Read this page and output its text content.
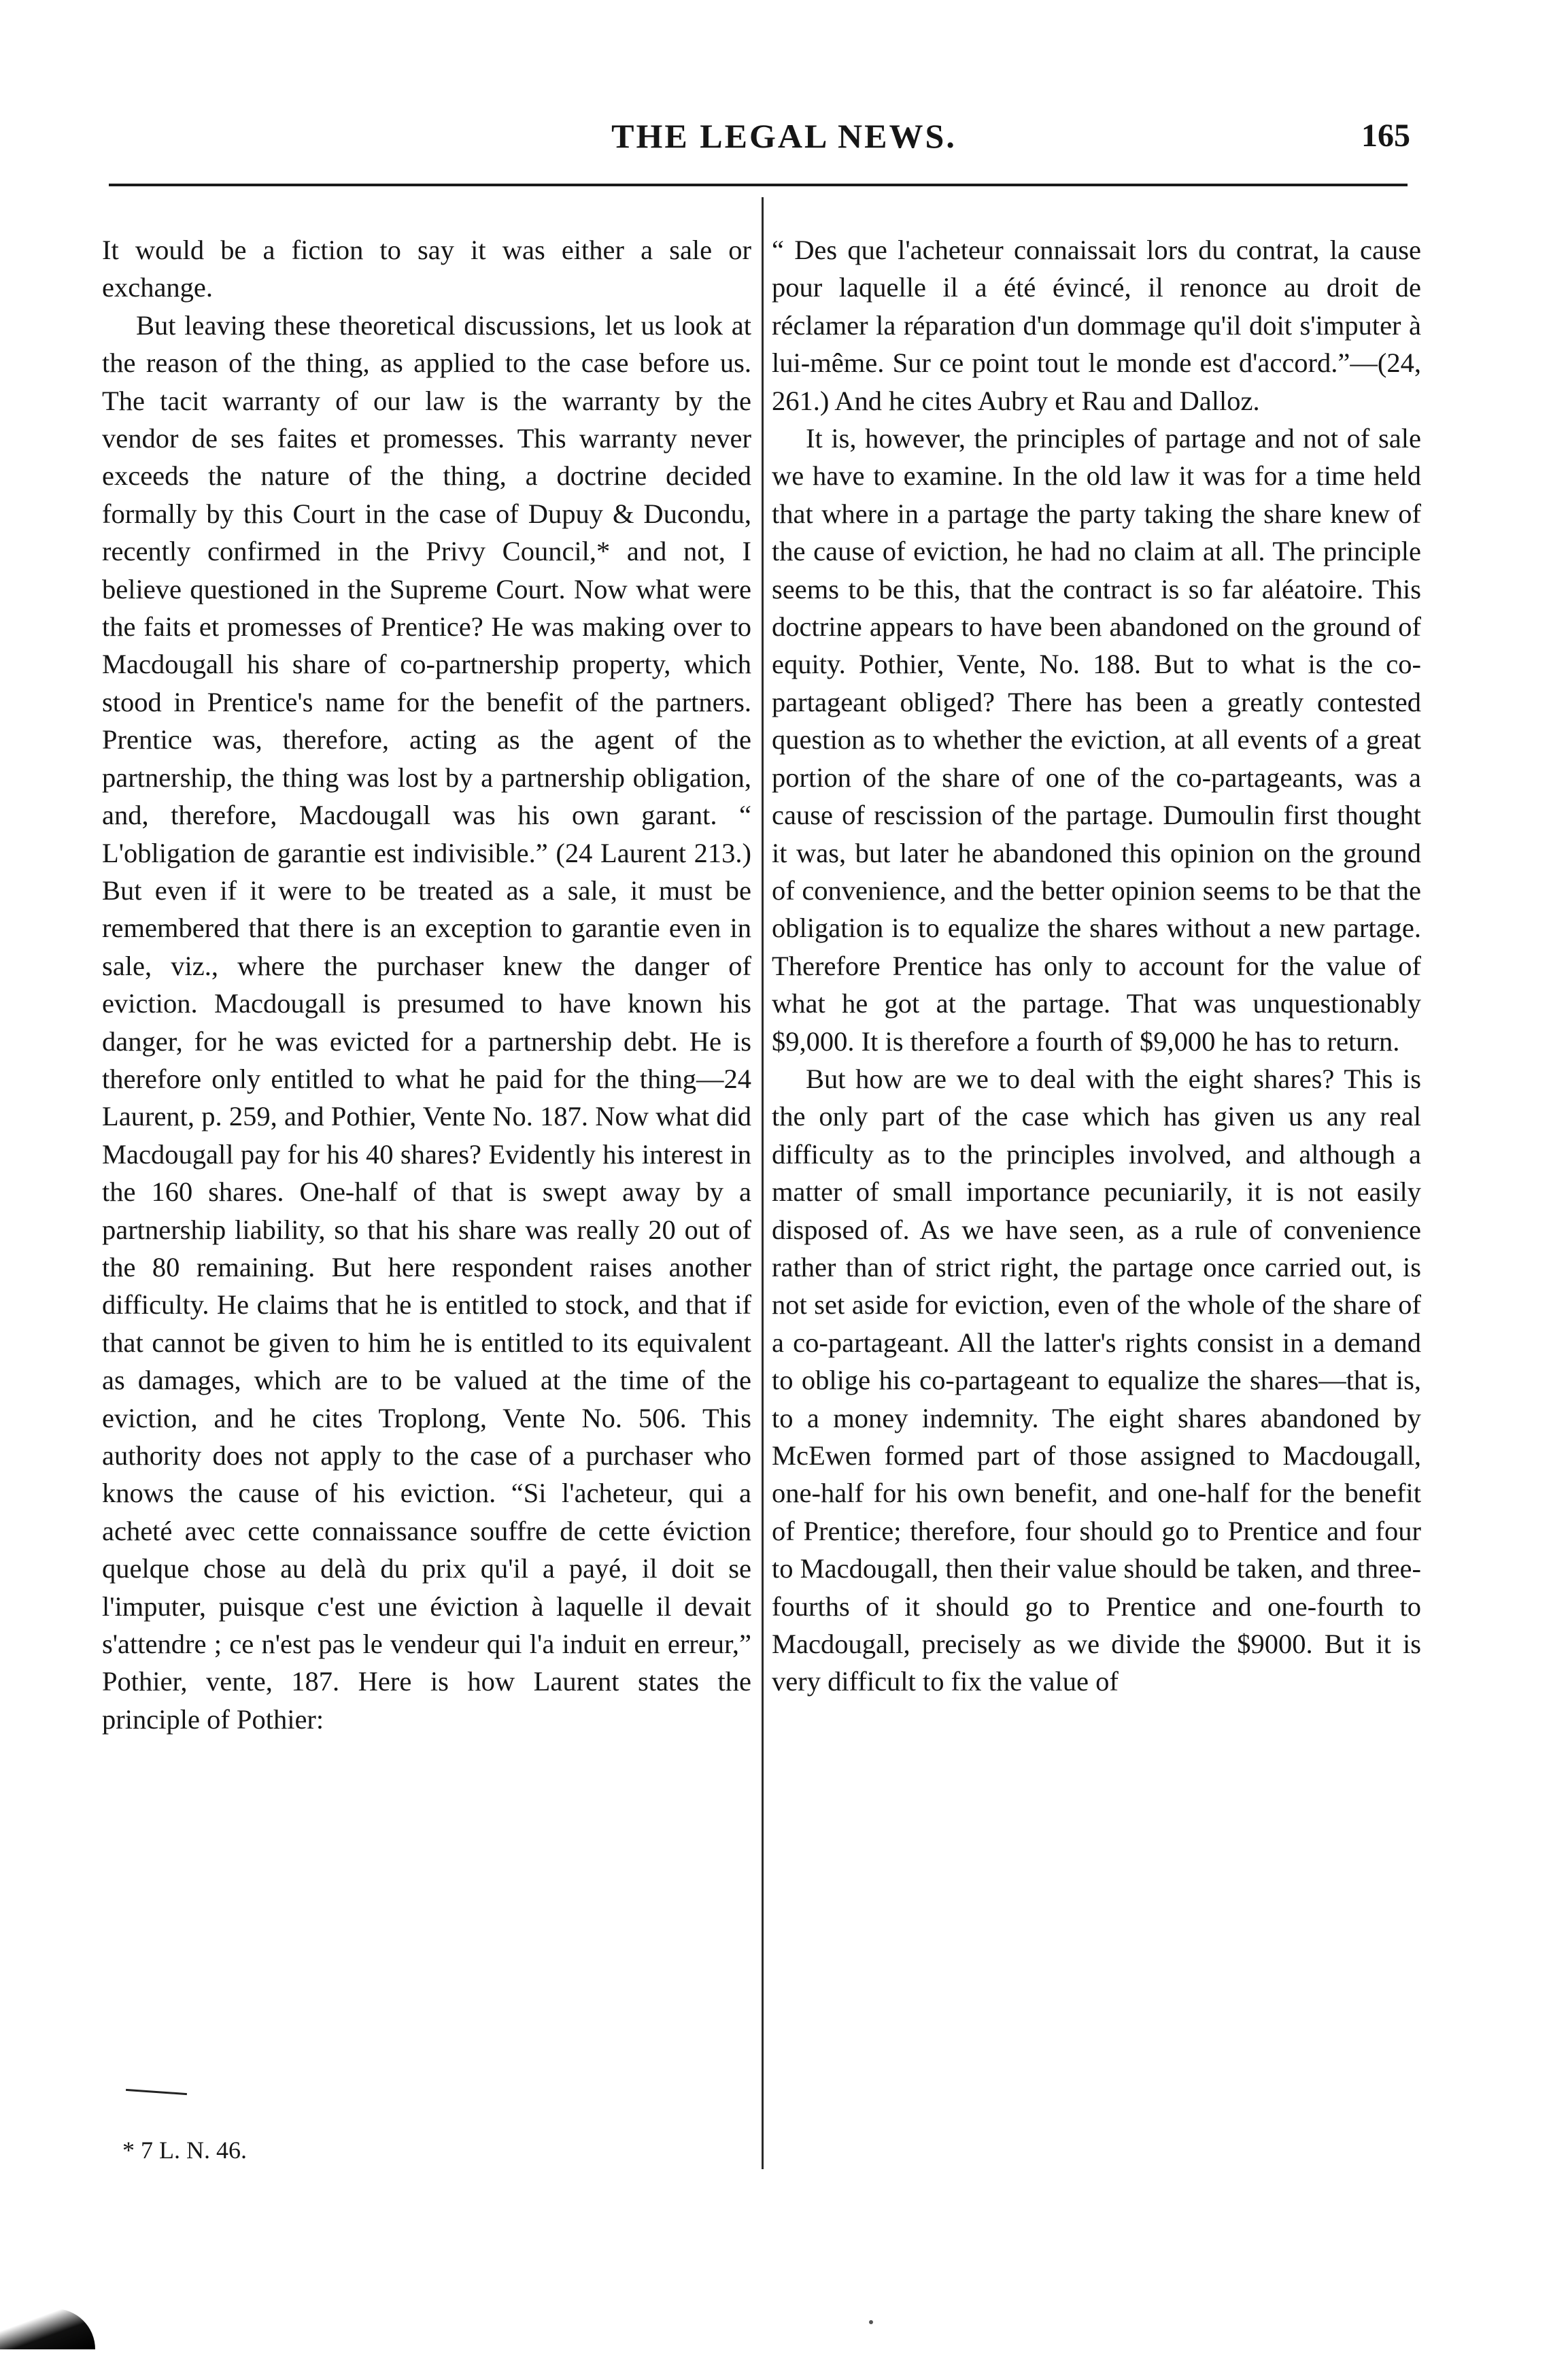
THE LEGAL NEWS.	165

It would be a fiction to say it was either a sale or exchange.

But leaving these theoretical discussions, let us look at the reason of the thing, as applied to the case before us. The tacit warranty of our law is the warranty by the vendor de ses faites et promesses. This warranty never exceeds the nature of the thing, a doctrine decided formally by this Court in the case of Dupuy & Ducondu, recently confirmed in the Privy Council,* and not, I believe questioned in the Supreme Court. Now what were the faits et promesses of Prentice? He was making over to Macdougall his share of co-partnership property, which stood in Prentice's name for the benefit of the partners. Prentice was, therefore, acting as the agent of the partnership, the thing was lost by a partnership obligation, and, therefore, Macdougall was his own garant. “ L'obligation de garantie est indivisible.” (24 Laurent 213.) But even if it were to be treated as a sale, it must be remembered that there is an exception to garantie even in sale, viz., where the purchaser knew the danger of eviction. Macdougall is presumed to have known his danger, for he was evicted for a partnership debt. He is therefore only entitled to what he paid for the thing—24 Laurent, p. 259, and Pothier, Vente No. 187. Now what did Macdougall pay for his 40 shares? Evidently his interest in the 160 shares. One-half of that is swept away by a partnership liability, so that his share was really 20 out of the 80 remaining. But here respondent raises another difficulty. He claims that he is entitled to stock, and that if that cannot be given to him he is entitled to its equivalent as damages, which are to be valued at the time of the eviction, and he cites Troplong, Vente No. 506. This authority does not apply to the case of a purchaser who knows the cause of his eviction. “Si l'acheteur, qui a acheté avec cette connaissance souffre de cette éviction quelque chose au delà du prix qu'il a payé, il doit se l'imputer, puisque c'est une éviction à laquelle il devait s'attendre ; ce n'est pas le vendeur qui l'a induit en erreur,” Pothier, vente, 187. Here is how Laurent states the principle of Pothier:

* 7 L. N. 46.

“ Des que l'acheteur connaissait lors du contrat, la cause pour laquelle il a été évincé, il renonce au droit de réclamer la réparation d'un dommage qu'il doit s'imputer à lui-même. Sur ce point tout le monde est d'accord.”—(24, 261.) And he cites Aubry et Rau and Dalloz.

It is, however, the principles of partage and not of sale we have to examine. In the old law it was for a time held that where in a partage the party taking the share knew of the cause of eviction, he had no claim at all. The principle seems to be this, that the contract is so far aléatoire. This doctrine appears to have been abandoned on the ground of equity. Pothier, Vente, No. 188. But to what is the co-partageant obliged? There has been a greatly contested question as to whether the eviction, at all events of a great portion of the share of one of the co-partageants, was a cause of rescission of the partage. Dumoulin first thought it was, but later he abandoned this opinion on the ground of convenience, and the better opinion seems to be that the obligation is to equalize the shares without a new partage. Therefore Prentice has only to account for the value of what he got at the partage. That was unquestionably $9,000. It is therefore a fourth of $9,000 he has to return.

But how are we to deal with the eight shares? This is the only part of the case which has given us any real difficulty as to the principles involved, and although a matter of small importance pecuniarily, it is not easily disposed of. As we have seen, as a rule of convenience rather than of strict right, the partage once carried out, is not set aside for eviction, even of the whole of the share of a co-partageant. All the latter's rights consist in a demand to oblige his co-partageant to equalize the shares—that is, to a money indemnity. The eight shares abandoned by McEwen formed part of those assigned to Macdougall, one-half for his own benefit, and one-half for the benefit of Prentice; therefore, four should go to Prentice and four to Macdougall, then their value should be taken, and three-fourths of it should go to Prentice and one-fourth to Macdougall, precisely as we divide the $9000. But it is very difficult to fix the value of
